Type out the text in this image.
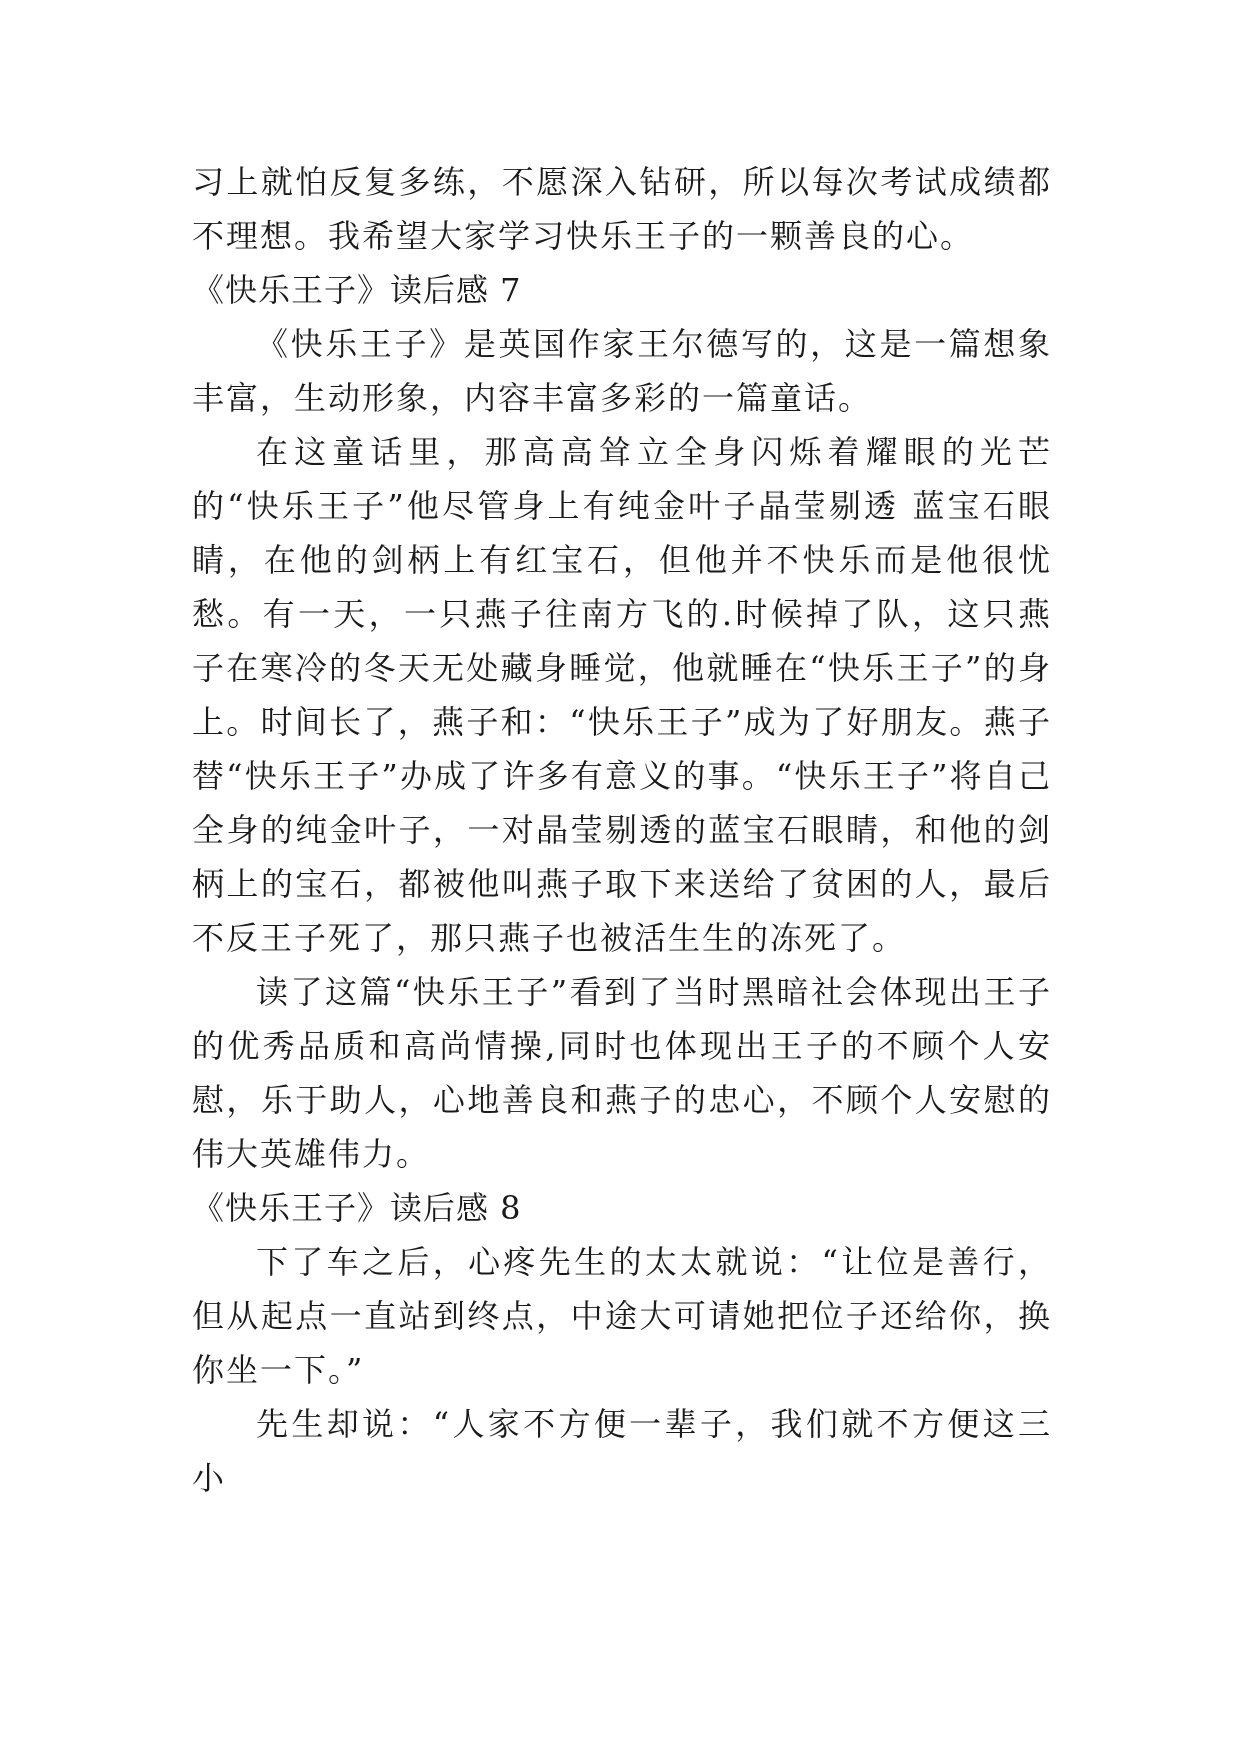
习上就怕反复多练，不愿深入钻研，所以每次考试成绩都不理想。我希望大家学习快乐王子的一颗善良的心。

《快乐王子》读后感 7

《快乐王子》是英国作家王尔德写的，这是一篇想象丰富，生动形象，内容丰富多彩的一篇童话。

在这童话里，那高高耸立全身闪烁着耀眼的光芒的“快乐王子”他尽管身上有纯金叶子晶莹剔透 蓝宝石眼睛，在他的剑柄上有红宝石，但他并不快乐而是他很忧愁。有一天，一只燕子往南方飞的.时候掉了队，这只燕子在寒冷的冬天无处藏身睡觉，他就睡在“快乐王子”的身上。时间长了，燕子和：“快乐王子”成为了好朋友。燕子替“快乐王子”办成了许多有意义的事。“快乐王子”将自己全身的纯金叶子，一对晶莹剔透的蓝宝石眼睛，和他的剑柄上的宝石，都被他叫燕子取下来送给了贫困的人，最后不反王子死了，那只燕子也被活生生的冻死了。

读了这篇“快乐王子”看到了当时黑暗社会体现出王子的优秀品质和高尚情操,同时也体现出王子的不顾个人安慰，乐于助人，心地善良和燕子的忠心，不顾个人安慰的伟大英雄伟力。

《快乐王子》读后感 8

下了车之后，心疼先生的太太就说：“让位是善行，但从起点一直站到终点，中途大可请她把位子还给你，换你坐一下。”

先生却说：“人家不方便一辈子，我们就不方便这三小
